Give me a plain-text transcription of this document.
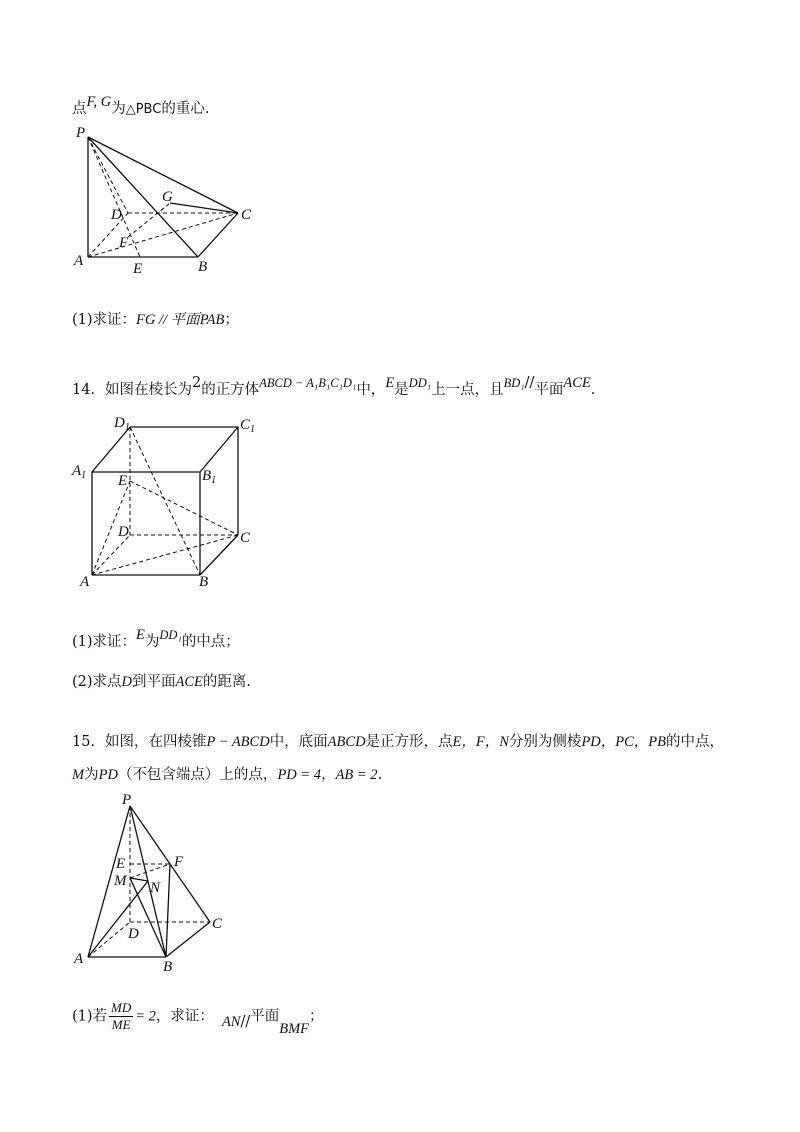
点F, G为△PBC的重心.
P
G
D	C
F
A	E	B
(1)求证：FG // 平面PAB；
14．如图在棱长为2的正方体ABCD − A₁B₁C₁D₁中，E是DD₁上一点，且BD₁//平面ACE.
$D_1$	$C_1$
$A_1$	$B_1$
E
D	C
A	B
(1)求证：E为DD₁的中点；
(2)求点D到平面ACE的距离.
15．如图，在四棱锥P − ABCD中，底面ABCD是正方形，点E，F，N分别为侧棱PD，PC，PB的中点，
M为PD（不包含端点）上的点，PD = 4，AB = 2.
P
E	F
M N
C
D
A	B
(1)若 $\frac{MD}{ME} = 2$，求证： AN//平面BMF；
